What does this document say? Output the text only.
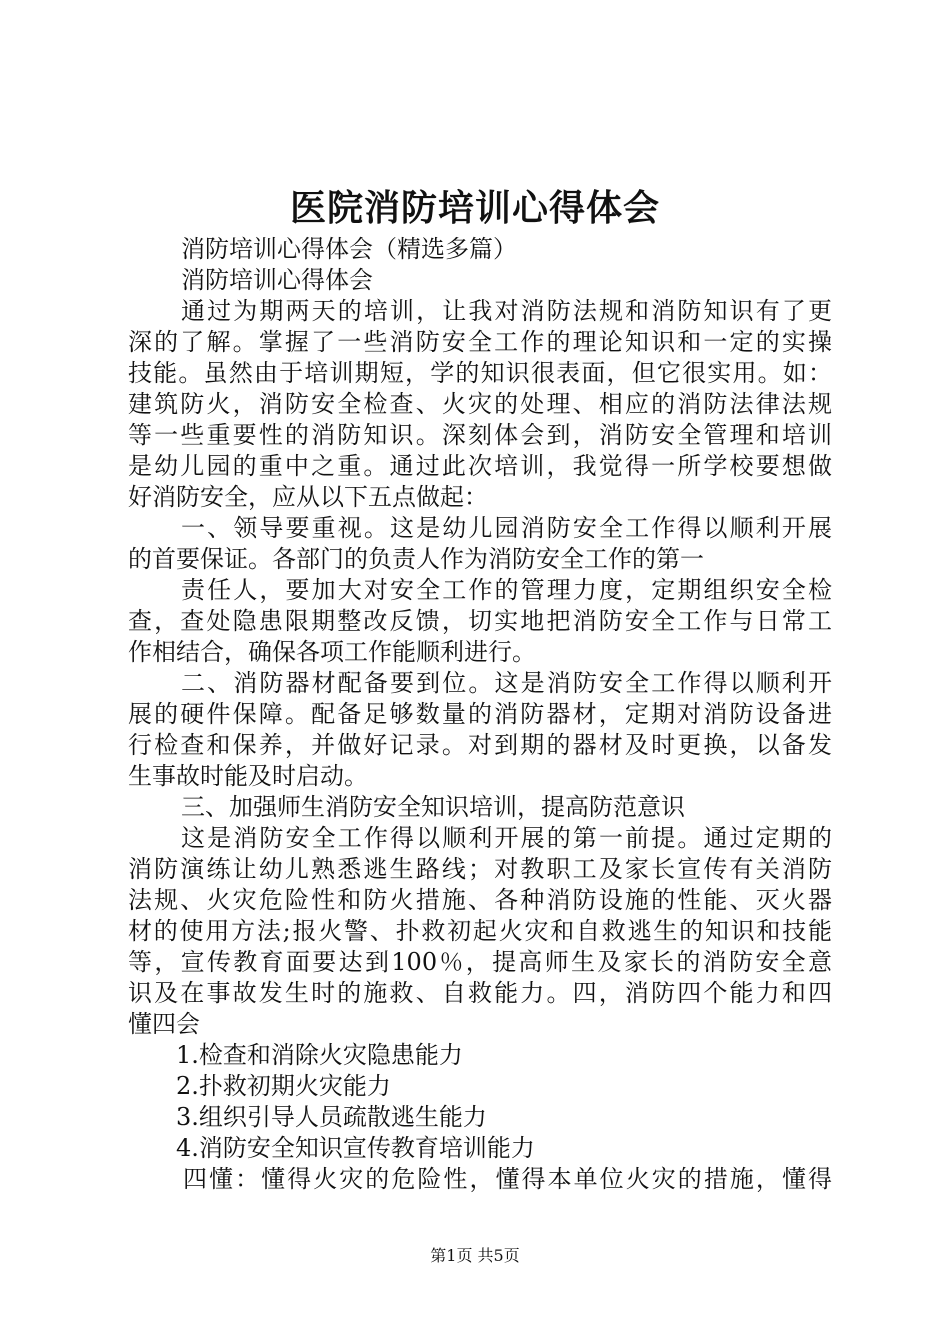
医院消防培训心得体会
消防培训心得体会（精选多篇）
消防培训心得体会
通过为期两天的培训，让我对消防法规和消防知识有了更
深的了解。掌握了一些消防安全工作的理论知识和一定的实操
技能。虽然由于培训期短，学的知识很表面，但它很实用。如：
建筑防火，消防安全检查、火灾的处理、相应的消防法律法规
等一些重要性的消防知识。深刻体会到，消防安全管理和培训
是幼儿园的重中之重。通过此次培训，我觉得一所学校要想做
好消防安全，应从以下五点做起：
一、领导要重视。这是幼儿园消防安全工作得以顺利开展
的首要保证。各部门的负责人作为消防安全工作的第一
责任人，要加大对安全工作的管理力度，定期组织安全检
查，查处隐患限期整改反馈，切实地把消防安全工作与日常工
作相结合，确保各项工作能顺利进行。
二、消防器材配备要到位。这是消防安全工作得以顺利开
展的硬件保障。配备足够数量的消防器材，定期对消防设备进
行检查和保养，并做好记录。对到期的器材及时更换，以备发
生事故时能及时启动。
三、加强师生消防安全知识培训，提高防范意识
这是消防安全工作得以顺利开展的第一前提。通过定期的
消防演练让幼儿熟悉逃生路线；对教职工及家长宣传有关消防
法规、火灾危险性和防火措施、各种消防设施的性能、灭火器
材的使用方法;报火警、扑救初起火灾和自救逃生的知识和技能
等，宣传教育面要达到100％，提高师生及家长的消防安全意
识及在事故发生时的施救、自救能力。四，消防四个能力和四
懂四会
1.检查和消除火灾隐患能力
2.扑救初期火灾能力
3.组织引导人员疏散逃生能力
4.消防安全知识宣传教育培训能力
四懂：懂得火灾的危险性，懂得本单位火灾的措施，懂得
第1页 共5页
